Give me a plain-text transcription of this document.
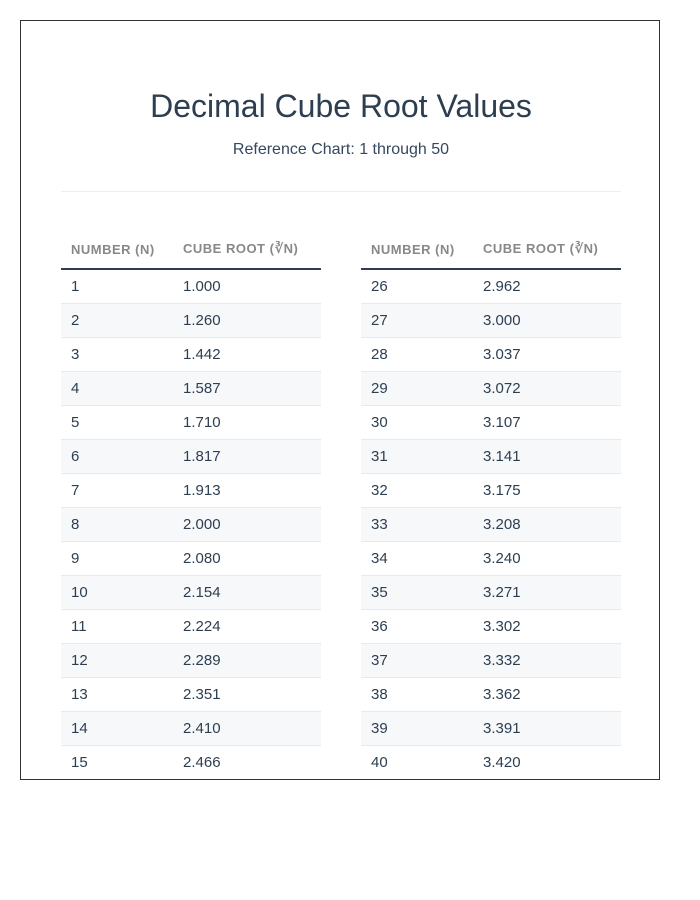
Decimal Cube Root Values

Reference Chart: 1 through 50

NUMBER (N)	CUBE ROOT (∛N)
1	1.000
2	1.260
3	1.442
4	1.587
5	1.710
6	1.817
7	1.913
8	2.000
9	2.080
10	2.154
11	2.224
12	2.289
13	2.351
14	2.410
15	2.466
NUMBER (N)	CUBE ROOT (∛N)
26	2.962
27	3.000
28	3.037
29	3.072
30	3.107
31	3.141
32	3.175
33	3.208
34	3.240
35	3.271
36	3.302
37	3.332
38	3.362
39	3.391
40	3.420
